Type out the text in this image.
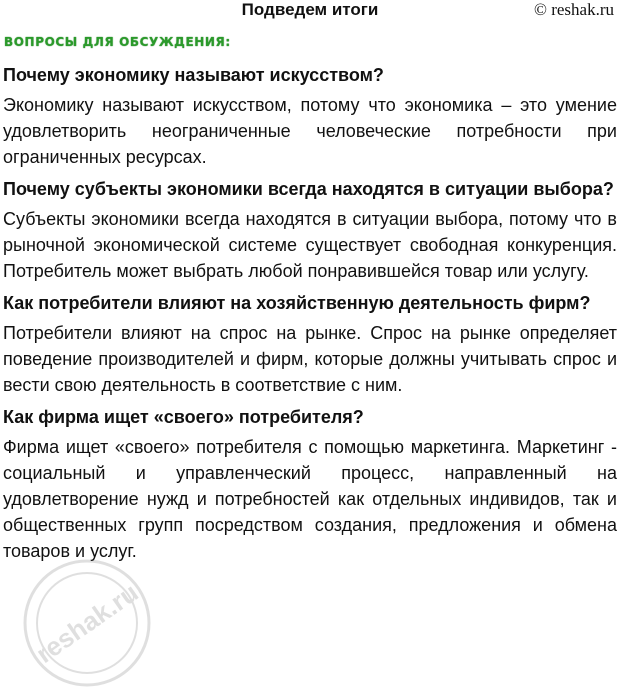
Подведем итоги	© reshak.ru
ВОПРОСЫ ДЛЯ ОБСУЖДЕНИЯ:

Почему экономику называют искусством?

Экономику называют искусством, потому что экономика – это умение удовлетворить неограниченные человеческие потребности при ограниченных ресурсах.

Почему субъекты экономики всегда находятся в ситуации выбора?

Субъекты экономики всегда находятся в ситуации выбора, потому что в рыночной экономической системе существует свободная конкуренция. Потребитель может выбрать любой понравившейся товар или услугу.

Как потребители влияют на хозяйственную деятельность фирм?

Потребители влияют на спрос на рынке. Спрос на рынке определяет поведение производителей и фирм, которые должны учитывать спрос и вести свою деятельность в соответствие с ним.

Как фирма ищет «своего» потребителя?

Фирма ищет «своего» потребителя с помощью маркетинга. Маркетинг - социальный и управленческий процесс, направленный на удовлетворение нужд и потребностей как отдельных индивидов, так и общественных групп посредством создания, предложения и обмена товаров и услуг.

reshak.ru
